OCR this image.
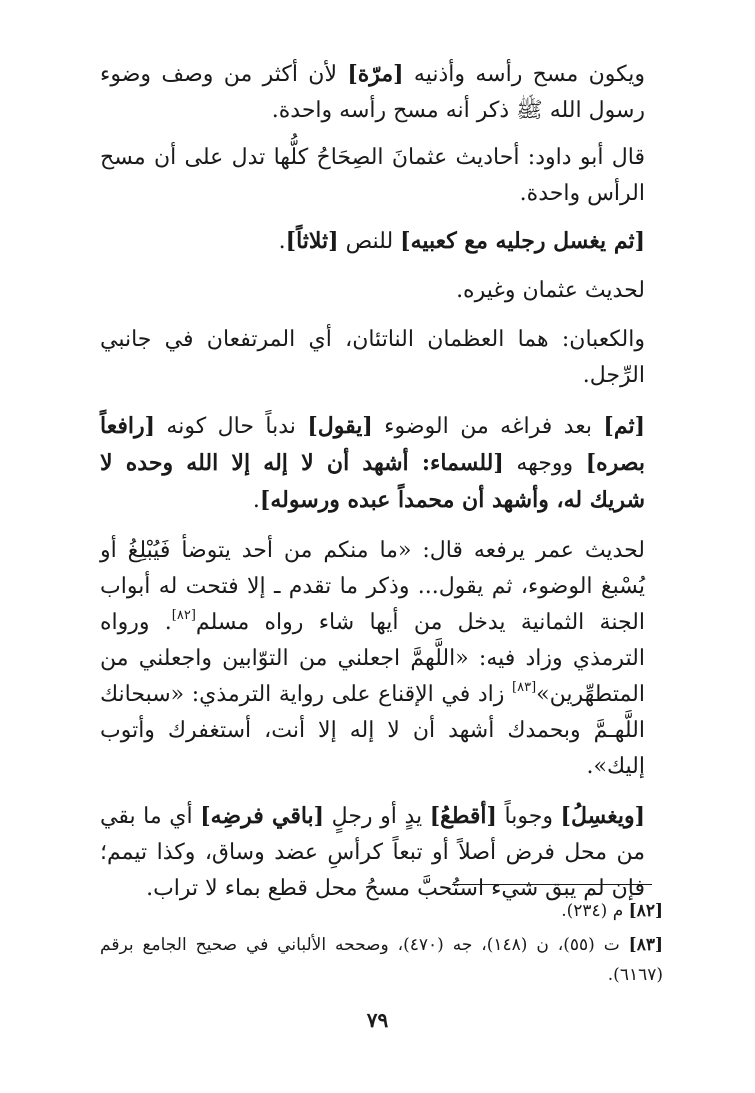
ويكون مسح رأسه وأذنيه [مرّة] لأن أكثر من وصف وضوء رسول الله ﷺ ذكر أنه مسح رأسه واحدة.

قال أبو داود: أحاديث عثمانَ الصِحَاحُ كلُّها تدل على أن مسح الرأس واحدة.

[ثم يغسل رجليه مع كعبيه] للنص [ثلاثاً].

لحديث عثمان وغيره.

والكعبان: هما العظمان الناتئان، أي المرتفعان في جانبي الرِّجل.

[ثم] بعد فراغه من الوضوء [يقول] ندباً حال كونه [رافعاً بصره] ووجهه [للسماء: أشهد أن لا إله إلا الله وحده لا شريك له، وأشهد أن محمداً عبده ورسوله].

لحديث عمر يرفعه قال: «ما منكم من أحد يتوضأ فَيُبْلِغُ أو يُسْبغ الوضوء، ثم يقول... وذكر ما تقدم ـ إلا فتحت له أبواب الجنة الثمانية يدخل من أيها شاء رواه مسلم[٨٢]. ورواه الترمذي وزاد فيه: «اللَّهمَّ اجعلني من التوّابين واجعلني من المتطهِّرين»[٨٣] زاد في الإقناع على رواية الترمذي: «سبحانك اللَّهـمَّ وبحمدك أشهد أن لا إله إلا أنت، أستغفرك وأتوب إليك».

[ويغسِلُ] وجوباً [أقطعُ] يدٍ أو رجلٍ [باقي فرضِه] أي ما بقي من محل فرض أصلاً أو تبعاً كرأسِ عضد وساق، وكذا تيمم؛ فإن لم يبق شيء استُحبَّ مسحُ محل قطع بماء لا تراب.

[٨٢] م (٢٣٤).

[٨٣] ت (٥٥)، ن (١٤٨)، جه (٤٧٠)، وصححه الألباني في صحيح الجامع برقم (٦١٦٧).

٧٩
